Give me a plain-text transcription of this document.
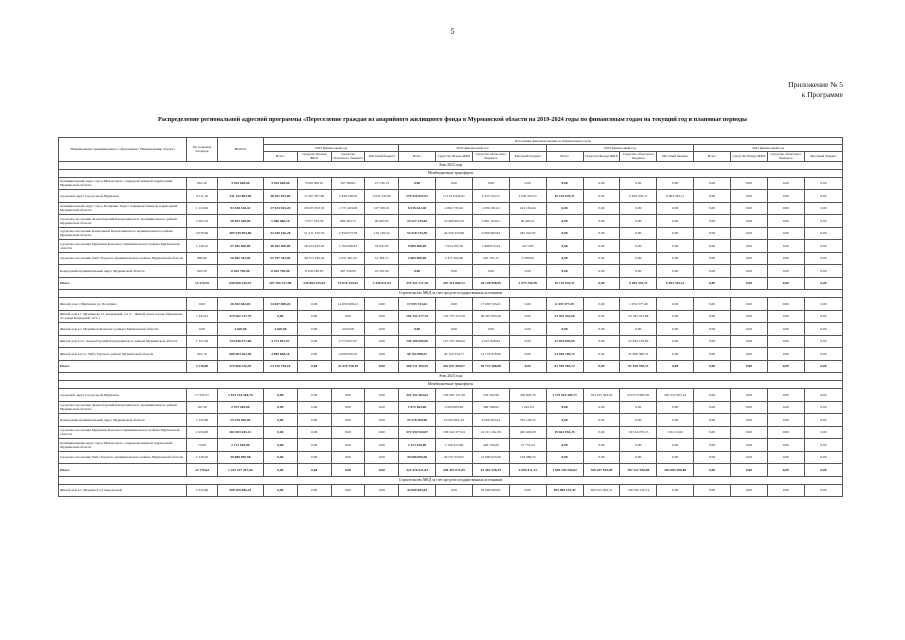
5
Приложение № 5
к Программе
Распределение региональной адресной программы «Переселение граждан из аварийного жилищного фонда в Мурманской области на 2019-2024 годы по финансовым годам на текущий год и плановые периоды
Наименование муниципального образования / Наименование объекта	Расселяемая площадь	ВСЕГО	Источники финансирования по финансовым годам															
			2023 финансовый год				2023 финансовый год				2023 финансовый год				2024 финансовый год			
			Всего	Средства Фонда ЖКХ	Средства областного бюджета	Местный бюджет	Всего	Средства Фонда ЖКХ	Средства областного бюджета	Местный бюджет	Всего	Средства Фонда ЖКХ	Средства областного бюджета	Местный бюджет	Всего	Средства Фонда ЖКХ	Средства областного бюджета	Местный бюджет
Этап 2023 года																		
Межбюджетные трансферты																		
муниципальный округ город Мончегорск с подведомственной территорией Мурманской области	661,30	3 542 046,60	3 542 046,60	3 029 366,01	167 380,81	15 133,13	0,00	0,00	0,00	0,00	0,00	0,00	0,00	0,00	0,00	0,00	0,00	0,00
городской округ город-герой Мурманск	3 511,16	341 122 883,09	38 391 875,00	11 697 367,60	3 336 336,05	3 031 235,06	275 925 697,97	171 014 844,97	3 333 702,37	3 002 205,37	10 135 670,57	0,00	6 093 335,11	6 093 335,11	0,00	0,00	0,00	0,00
муниципальный округ город Полярные Зори с подведомственной территорией Мурманской области	1 110,96	93 348 136,42	27 033 925,20	26 035 503,33	1 771 463,09	107 395,91	8 315 622,40	4 862 735,92	1 039 101,61	241 162,64	0,00	0,00	0,00	0,00	0,00	0,00	0,00	0,00
городское поселение Зеленоборский Кандалакшского муниципального района Мурманской области	2 305,53	28 993 200,00	5 486 666,10	3 977 333,59	966 365,75	40 697,85	23 527 229,63	16 498 603,53	3 987 163,61	40 405,21	0,00	0,00	0,00	0,00	0,00	0,00	0,00	0,00
городское поселение Кандалакша Кандалакшского муниципального района Мурманской области	3 078,60	405 539 093,80	52 430 146,28	51 211 333,79	2 350 073,79	134 729,52	53 518 725,59	44 432 533,68	6 906 982,84	281 310,97	0,00	0,00	0,00	0,00	0,00	0,00	0,00	0,00
городское поселение Мурмаши Кольского муниципального района Мурманской области	1 149,10	57 282 600,00	48 262 000,00	46 434 035,62	1 794 099,61	33 637,82	9 080 000,00	7 044 705,56	1 988 072,44	247 226	0,00	0,00	0,00	0,00	0,00	0,00	0,00	0,00
городское поселение Умба Терского муниципального района Мурманской области	889,90	26 482 353,00	52 797 353,00	49 315 236,24	2 251 491,01	51 364,71	2 685 000,00	2 315 464,00	245 791,17	2 260,84	0,00	0,00	0,00	0,00	0,00	0,00	0,00	0,00
Ковдорский муниципальный округ Мурманской области	603,30	6 945 790,00	6 945 790,00	6 458 230,05	487 559,95	16 591,92	0,00	0,00	0,00	0,00	0,00	0,00	0,00	0,00	0,00	0,00	0,00	0,00
Итого	13 270,39	658 908 410,91	207 396 327,98	220 884 335,03	14 876 193,03	3 458 011,94	375 323 171,28	267 314 866,72	20 128 958,99	2 975 250,38	10 135 670,57	0,00	6 093 335,11	6 093 335,11	0,00	0,00	0,00	0,00
Строительство МКД за счет средств государственных источников																		
Жилой дом г. Мурманск ул. Полухина	0,00	26 382 062,03	14 657 008,26	0,00	14 650 088,21	0,00	17 093 743,61	0,00	17 093 743,61	0,00	6 474 377,49	0,00	1 974 377,49	0,00	0,00	0,00	0,00	0,00
Жилой дом в г. Мурманске ул. Бондарной, 5 в п. - Жилой дом в городе Мурманске по улице Бондарной 12/1-1	1 445,91	479 582 217,79	0,00	0,00	0,00	0,00	156 154 177,79	116 757 274,59	39 397 603,20	0,00	23 592 433,68	0,00	23 592 433,68	0,00	0,00	0,00	0,00	0,00
Жилой дом в г. Мурманск Кольского района Мурманской области	0,00	4 620,00	4 620,00	0,00	4 620,00	0,00	0,00	0,00	0,00	0,00	0,00	0,00	0,00	0,00	0,00	0,00	0,00	0,00
Жилой дом в г.п. Зеленоборский Кандалакшского района Мурманской области	1 327,00	155 838 477,00	4 773 837,07	0,00	4 773 837,07	0,00	128 100 000,00	127 555 306,02	4 021 998,64	0,00	22 834 839,69	0,00	22 834 139,69	0,00	0,00	0,00	0,00	0,00
Жилой дом в п.г.т. Умба Терского района Мурманской области	921,70	606 904 262,90	4 009 658,10	0,00	4 009 658,10	0,00	56 702 898,07	44 150 334,77	14 774 878,99	0,00	33 659 700,72	0,00	31 696 388,72	0,00	0,00	0,00	0,00	0,00
Итого	3 710,00	479 660 326,49	23 476 758,18	0,00	23 476 758,18	0,00	360 711 493,59	262 837 369,07	69 774 308,88	0,00	81 559 964,72	0,00	81 558 700,72	0,00	0,00	0,00	0,00	0,00
Этап 2023 года																		
Межбюджетные трансферты																		
городской округ город-герой Мурманск	17 592,37	1 513 144 564,76	0,00	0,00	0,00	0,00	322 192 404,62	103 003 151,58	334 322,98	356 803,76	1 175 919 385,77	704 105 563,50	372 073 085,65	281 537 007,44	0,00	0,00	0,00	0,00
городское поселение Зеленоборский Кандалакшского муниципального района Мурманской области	167,30	2 972 404,00	0,00	0,00	0,00	0,00	2 972 404,00	2 064 605,64	306 196,82	1 601,63	0,00	0,00	0,00	0,00	0,00	0,00	0,00	0,00
Ковдорский муниципальный округ Мурманской области	1 345,80	25 278 300,00	0,00	0,00	0,00	0,00	25 278 300,00	16 955 661,43	6 006 362,44	765 136,53	0,00	0,00	0,00	0,00	0,00	0,00	0,00	0,00
городское поселение Мурмаши Кольского муниципального района Мурманской области	2 456,00	402 203 645,12	0,00	0,00	0,00	0,00	372 592 944,87	136 042 377,04	41 215 162,39	463 400,69	29 661 033,25	0,00	19 314 075,13	158 113,02	0,00	0,00	0,00	0,00
муниципальный округ город Мончегорск с подведомственной территорией Мурманской области	73,00	2 172 610,00	0,00	0,00	0,00	0,00	2 172 610,00	1 760 472,00	426 750,00	27 772,23	0,00	0,00	0,00	0,00	0,00	0,00	0,00	0,00
городское поселение Умба Терского муниципального района Мурманской области	1 220,20	39 688 090,58	0,00	0,00	0,00	0,00	39 688 090,58	26 737 250,05	12 000 023,09	126 889,55	0,00	0,00	0,00	0,00	0,00	0,00	0,00	0,00
Итого	22 778,63	1 742 477 417,66	0,00	0,00	0,00	0,00	323 476 611,04	298 457 671,85	61 461 578,33	4 059 411,13	1 099 249 294,82	700 257 593,85	287 221 958,08	284 083 396,88	0,00	0,00	0,00	0,00
Строительство МКД за счет средств государственных источников																		
Жилой дом в г. Мурманск ул. Карельской	3 242,60	508 109 656,24	0,00	0,00	0,00	0,00	42 000 683,81	0,00	42 000 683,81	0,00	403 908 153,42	365 912 463,51	148 782 210,14	0,00	0,00	0,00	0,00	0,00
